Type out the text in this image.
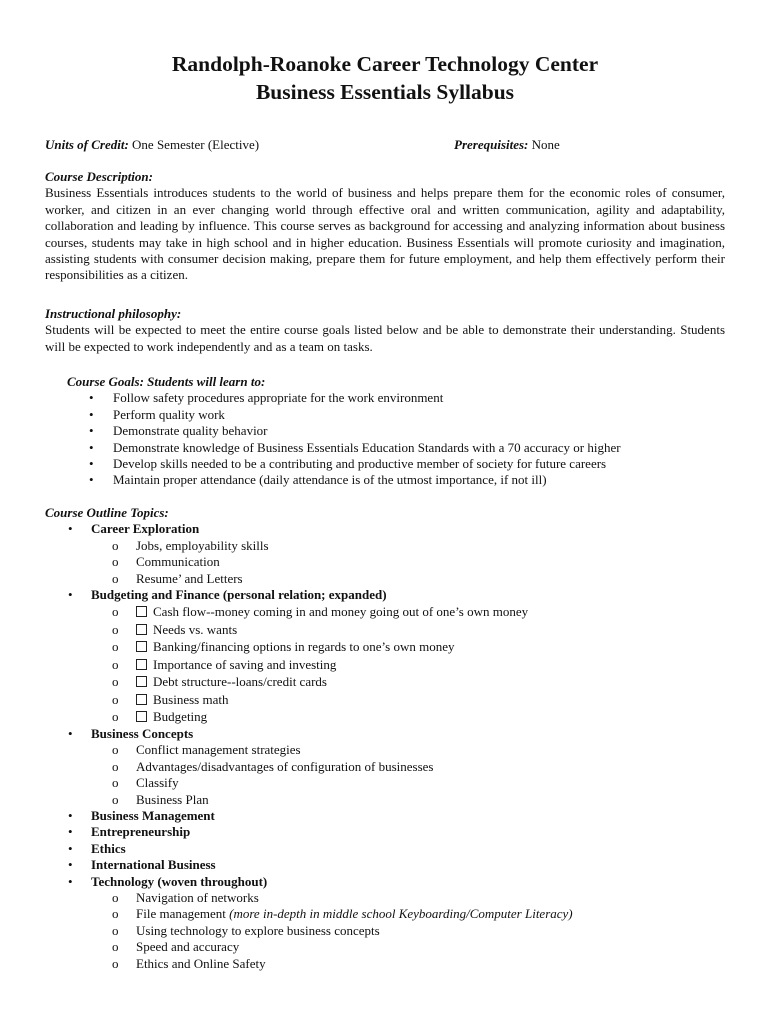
Randolph-Roanoke Career Technology Center
Business Essentials Syllabus
Units of Credit: One Semester (Elective)	Prerequisites: None
Course Description:
Business Essentials introduces students to the world of business and helps prepare them for the economic roles of consumer, worker, and citizen in an ever changing world through effective oral and written communication, agility and adaptability, collaboration and leading by influence. This course serves as background for accessing and analyzing information about business courses, students may take in high school and in higher education. Business Essentials will promote curiosity and imagination, assisting students with consumer decision making, prepare them for future employment, and help them effectively perform their responsibilities as a citizen.
Instructional philosophy:
Students will be expected to meet the entire course goals listed below and be able to demonstrate their understanding. Students will be expected to work independently and as a team on tasks.
Course Goals: Students will learn to:
• Follow safety procedures appropriate for the work environment
• Perform quality work
• Demonstrate quality behavior
• Demonstrate knowledge of Business Essentials Education Standards with a 70 accuracy or higher
• Develop skills needed to be a contributing and productive member of society for future careers
• Maintain proper attendance (daily attendance is of the utmost importance, if not ill)
Course Outline Topics:
• Career Exploration
o Jobs, employability skills
o Communication
o Resume’ and Letters
• Budgeting and Finance (personal relation; expanded)
o	Cash flow--money coming in and money going out of one’s own money
o	Needs vs. wants
o	Banking/financing options in regards to one’s own money
o	Importance of saving and investing
o	Debt structure--loans/credit cards
o	Business math
o	Budgeting
• Business Concepts
o Conflict management strategies
o Advantages/disadvantages of configuration of businesses
o Classify
o Business Plan
• Business Management
• Entrepreneurship
• Ethics
• International Business
• Technology (woven throughout)
o Navigation of networks
o File management (more in-depth in middle school Keyboarding/Computer Literacy)
o Using technology to explore business concepts
o Speed and accuracy
o Ethics and Online Safety
